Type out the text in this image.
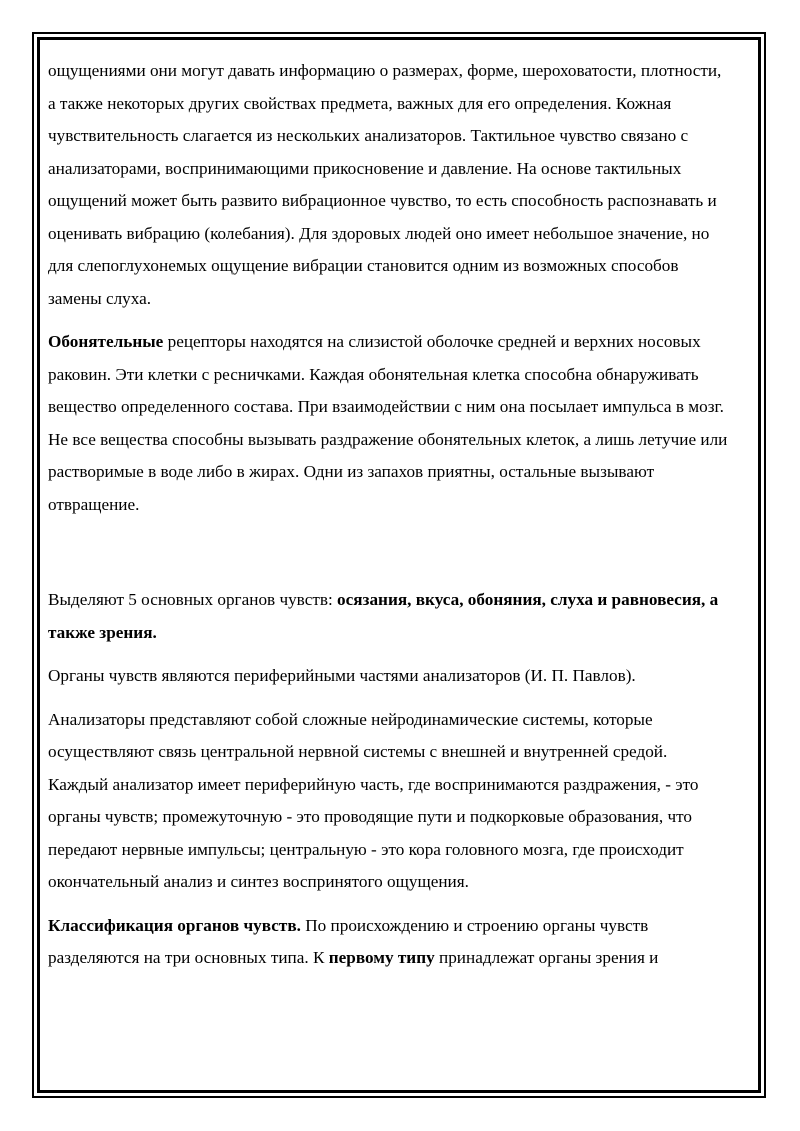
ощущениями они могут давать информацию о размерах, форме, шероховатости, плотности, а также некоторых других свойствах предмета, важных для его определения. Кожная чувствительность слагается из нескольких анализаторов. Тактильное чувство связано с анализаторами, воспринимающими прикосновение и давление. На основе тактильных ощущений может быть развито вибрационное чувство, то есть способность распознавать и оценивать вибрацию (колебания). Для здоровых людей оно имеет небольшое значение, но для слепоглухонемых ощущение вибрации становится одним из возможных способов замены слуха.

Обонятельные рецепторы находятся на слизистой оболочке средней и верхних носовых раковин. Эти клетки с ресничками. Каждая обонятельная клетка способна обнаруживать вещество определенного состава. При взаимодействии с ним она посылает импульса в мозг. Не все вещества способны вызывать раздражение обонятельных клеток, а лишь летучие или растворимые в воде либо в жирах. Одни из запахов приятны, остальные вызывают отвращение.

Выделяют 5 основных органов чувств: осязания, вкуса, обоняния, слуха и равновесия, а также зрения.

Органы чувств являются периферийными частями анализаторов (И. П. Павлов).

Анализаторы представляют собой сложные нейродинамические системы, которые осуществляют связь центральной нервной системы с внешней и внутренней средой. Каждый анализатор имеет периферийную часть, где воспринимаются раздражения, - это органы чувств; промежуточную - это проводящие пути и подкорковые образования, что передают нервные импульсы; центральную - это кора головного мозга, где происходит окончательный анализ и синтез воспринятого ощущения.

Классификация органов чувств. По происхождению и строению органы чувств разделяются на три основных типа. К первому типу принадлежат органы зрения и
